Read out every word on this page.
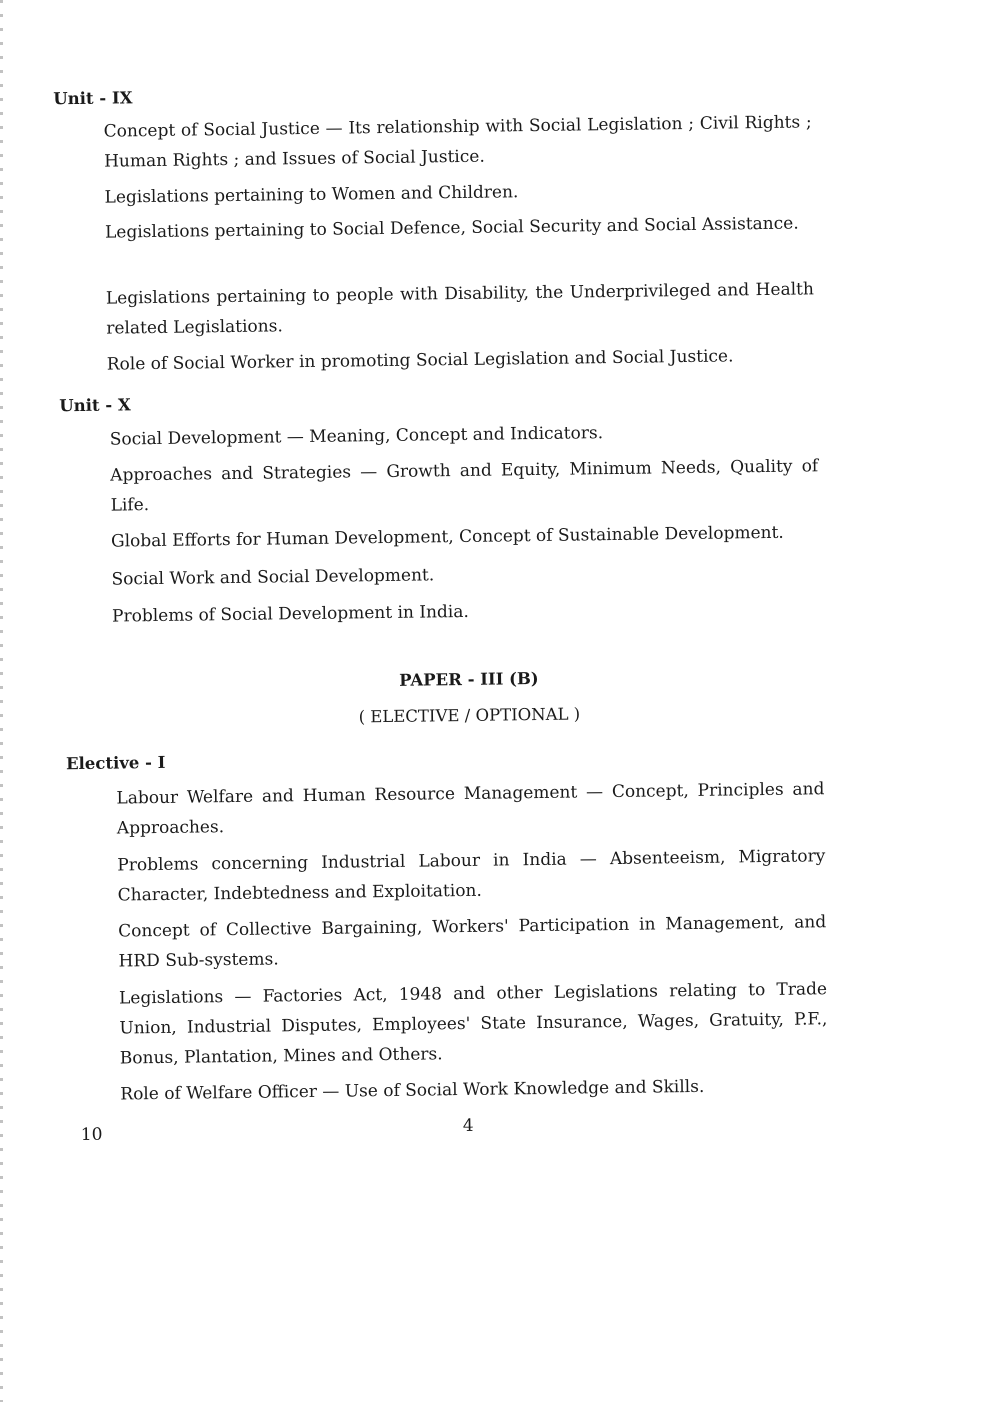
Unit - IX
Concept of Social Justice — Its relationship with Social Legislation ; Civil Rights ; Human Rights ; and Issues of Social Justice.
Legislations pertaining to Women and Children.
Legislations pertaining to Social Defence, Social Security and Social Assistance.
Legislations pertaining to people with Disability, the Underprivileged and Health related Legislations.
Role of Social Worker in promoting Social Legislation and Social Justice.
Unit - X
Social Development — Meaning, Concept and Indicators.
Approaches and Strategies — Growth and Equity, Minimum Needs, Quality of Life.
Global Efforts for Human Development, Concept of Sustainable Development.
Social Work and Social Development.
Problems of Social Development in India.
PAPER - III (B)
( ELECTIVE / OPTIONAL )
Elective - I
Labour Welfare and Human Resource Management — Concept, Principles and Approaches.
Problems concerning Industrial Labour in India — Absenteeism, Migratory Character, Indebtedness and Exploitation.
Concept of Collective Bargaining, Workers' Participation in Management, and HRD Sub-systems.
Legislations — Factories Act, 1948 and other Legislations relating to Trade Union, Industrial Disputes, Employees' State Insurance, Wages, Gratuity, P.F., Bonus, Plantation, Mines and Others.
Role of Welfare Officer — Use of Social Work Knowledge and Skills.
10	4
